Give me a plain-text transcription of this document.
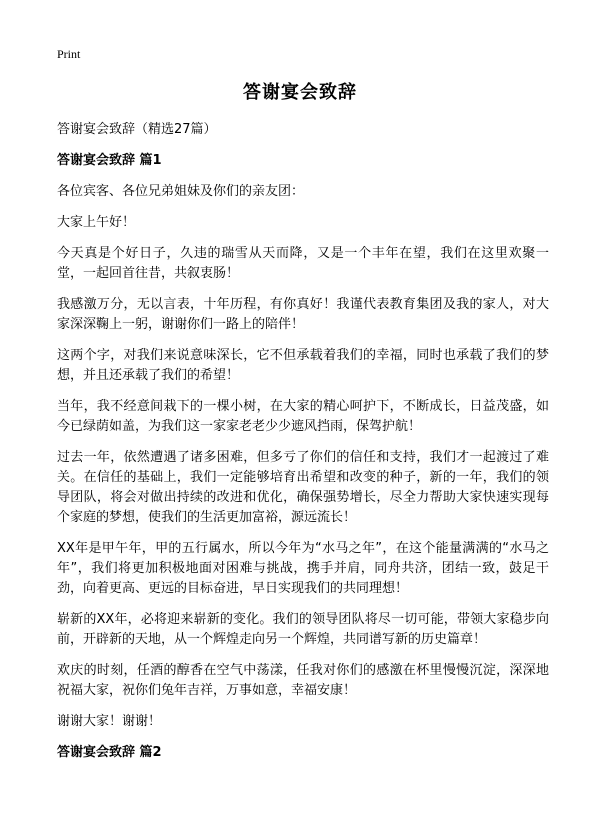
Print
答谢宴会致辞

答谢宴会致辞（精选27篇）

答谢宴会致辞 篇1

各位宾客、各位兄弟姐妹及你们的亲友团：

大家上午好！

今天真是个好日子，久违的瑞雪从天而降，又是一个丰年在望，我们在这里欢聚一堂，一起回首往昔，共叙衷肠！

我感激万分，无以言表，十年历程，有你真好！我谨代表教育集团及我的家人，对大家深深鞠上一躬，谢谢你们一路上的陪伴！

这两个字，对我们来说意味深长，它不但承载着我们的幸福，同时也承载了我们的梦想，并且还承载了我们的希望！

当年，我不经意间栽下的一棵小树，在大家的精心呵护下，不断成长，日益茂盛，如今已绿荫如盖，为我们这一家家老老少少遮风挡雨，保驾护航！

过去一年，依然遭遇了诸多困难，但多亏了你们的信任和支持，我们才一起渡过了难关。在信任的基础上，我们一定能够培育出希望和改变的种子，新的一年，我们的领导团队，将会对做出持续的改进和优化，确保强势增长，尽全力帮助大家快速实现每个家庭的梦想，使我们的生活更加富裕，源远流长！

XX年是甲午年，甲的五行属水，所以今年为“水马之年”，在这个能量满满的“水马之年”，我们将更加积极地面对困难与挑战，携手并肩，同舟共济，团结一致，鼓足干劲，向着更高、更远的目标奋进，早日实现我们的共同理想！

崭新的XX年，必将迎来崭新的变化。我们的领导团队将尽一切可能，带领大家稳步向前，开辟新的天地，从一个辉煌走向另一个辉煌，共同谱写新的历史篇章！

欢庆的时刻，任酒的醇香在空气中荡漾，任我对你们的感激在杯里慢慢沉淀，深深地祝福大家，祝你们兔年吉祥，万事如意，幸福安康！

谢谢大家！谢谢！

答谢宴会致辞 篇2
